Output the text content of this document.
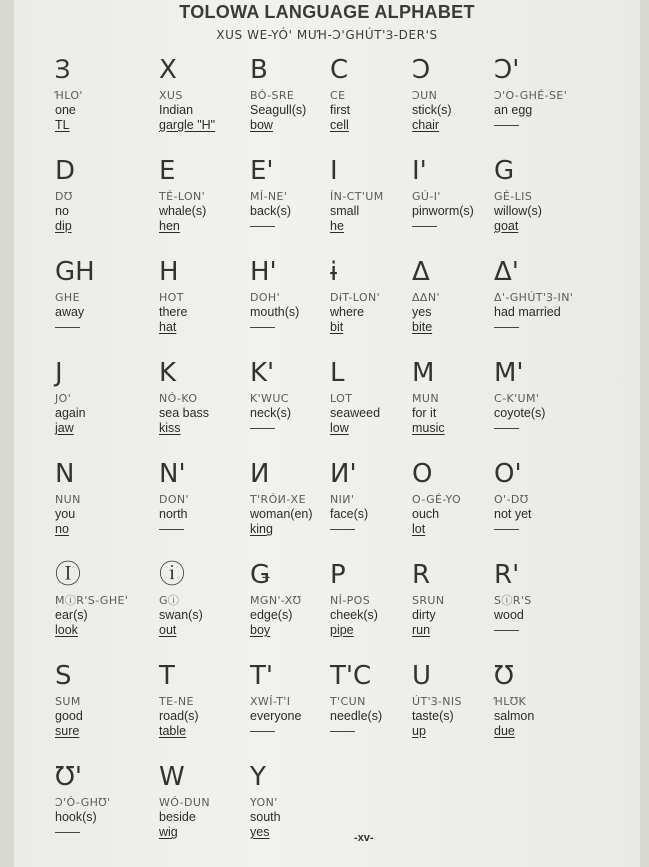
TOLOWA LANGUAGE ALPHABET
XUS WE-YÓ' MUꞪ-Ɔ'GHÚT'Ɜ-DER'S
Ɜ
ꞪLO'
one
TL
X
XUS
Indian
gargle "H"
B
BÓ-SRE
Seagull(s)
bow
C
CE
first
cell
Ɔ
ƆUN
stick(s)
chair
Ɔ'
Ɔ'O-GHÉ-SE'
an egg
——
D
DƱ
no
dip
E
TÉ-LON'
whale(s)
hen
E'
MÍ-NE'
back(s)
——
I
ÍN-CT'UM
small
he
I'
GÚ-I'
pinworm(s)
——
G
GÉ-LIS
willow(s)
goat
GH
GHE
away
——
H
HOT
there
hat
H'
DOH'
mouth(s)
——
ɨ
DɨT-LON'
where
bit
Δ
ΔΔN'
yes
bite
Δ'
Δ'-GHÚT'Ɜ-IN'
had married
——
J
JO'
again
jaw
K
NÓ-KO
sea bass
kiss
K'
K'WUC
neck(s)
——
L
LOT
seaweed
low
M
MUN
for it
music
M'
C-K'UM'
coyote(s)
——
N
NUN
you
no
N'
DON'
north
——
И
T'RÓИ-XE
woman(en)
king
И'
NIИ'
face(s)
——
O
O-GÉ-YO
ouch
lot
O'
O'-DƱ
not yet
——
Ⓘ
MⓘR'S-GHE'
ear(s)
look
ⓘ
Gⓘ
swan(s)
out
Ǥ
MǤN'-XƱ
edge(s)
boy
P
NÍ-POS
cheek(s)
pipe
R
SRUN
dirty
run
R'
SⓘR'S
wood
——
S
SUM
good
sure
T
TE-NE
road(s)
table
T'
XWÍ-T'I
everyone
——
T'C
T'CUN
needle(s)
——
U
ÚT'Ɜ-NIS
taste(s)
up
Ʊ
ꞪLƱK
salmon
due
Ʊ'
Ɔ'Ó-GHƱ'
hook(s)
——
W
WÓ-DUN
beside
wig
Y
YON'
south
yes	-xv-
